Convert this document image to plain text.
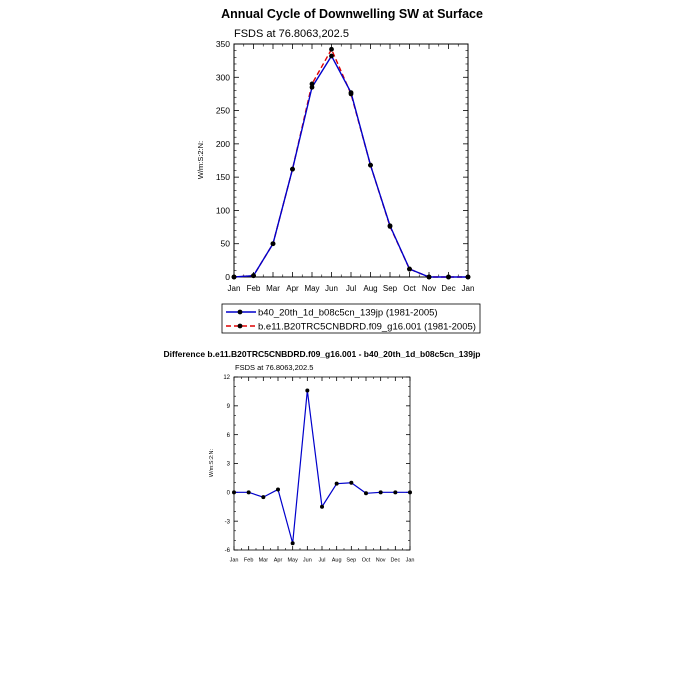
Annual Cycle of Downwelling SW at Surface
FSDS at 76.8063,202.5
W/m:S:2:N:
0
50
100
150
200
250
300
350
Jan Feb Mar Apr May Jun Jul Aug Sep Oct Nov Dec Jan
b40_20th_1d_b08c5cn_139jp (1981-2005)
b.e11.B20TRC5CNBDRD.f09_g16.001 (1981-2005)
Difference b.e11.B20TRC5CNBDRD.f09_g16.001 - b40_20th_1d_b08c5cn_139jp
FSDS at 76.8063,202.5
W/m:S:2:N:
-6
-3
0
3
6
9
12
Jan Feb Mar Apr May Jun Jul Aug Sep Oct Nov Dec Jan
